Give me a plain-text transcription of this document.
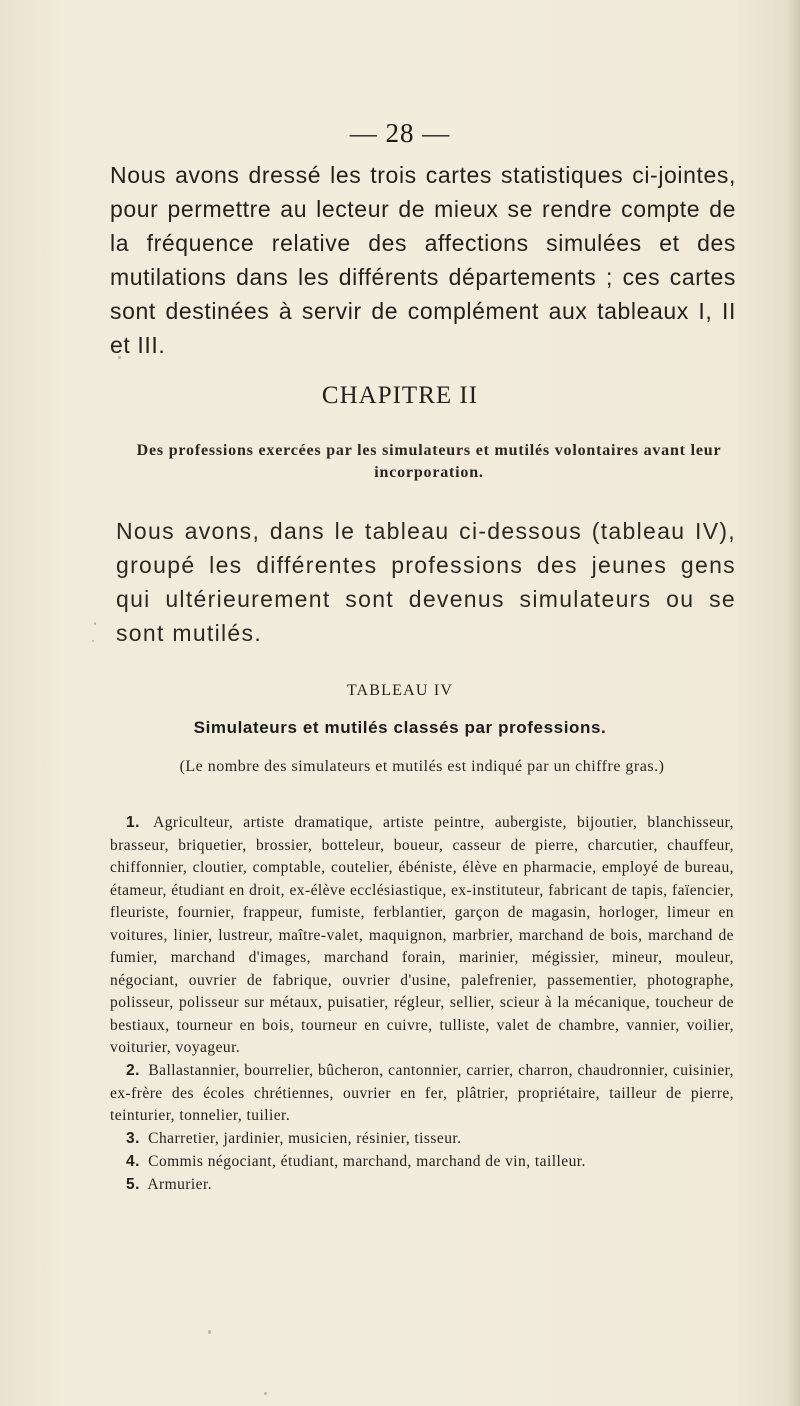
— 28 —
Nous avons dressé les trois cartes statistiques ci-jointes, pour permettre au lecteur de mieux se rendre compte de la fréquence relative des affections simulées et des mutilations dans les différents départements ; ces cartes sont destinées à servir de complément aux tableaux I, II et III.
CHAPITRE II
Des professions exercées par les simulateurs et mutilés volontaires avant leur incorporation.
Nous avons, dans le tableau ci-dessous (tableau IV), groupé les différentes professions des jeunes gens qui ultérieurement sont devenus simulateurs ou se sont mutilés.
TABLEAU IV
Simulateurs et mutilés classés par professions.
(Le nombre des simulateurs et mutilés est indiqué par un chiffre gras.)

1. Agriculteur, artiste dramatique, artiste peintre, aubergiste, bijoutier, blanchisseur, brasseur, briquetier, brossier, botteleur, boueur, casseur de pierre, charcutier, chauffeur, chiffonnier, cloutier, comptable, coutelier, ébéniste, élève en pharmacie, employé de bureau, étameur, étudiant en droit, ex-élève ecclésiastique, ex-instituteur, fabricant de tapis, faïencier, fleuriste, fournier, frappeur, fumiste, ferblantier, garçon de magasin, horloger, limeur en voitures, linier, lustreur, maître-valet, maquignon, marbrier, marchand de bois, marchand de fumier, marchand d'images, marchand forain, marinier, mégissier, mineur, mouleur, négociant, ouvrier de fabrique, ouvrier d'usine, palefrenier, passementier, photographe, polisseur, polisseur sur métaux, puisatier, régleur, sellier, scieur à la mécanique, toucheur de bestiaux, tourneur en bois, tourneur en cuivre, tulliste, valet de chambre, vannier, voilier, voiturier, voyageur.

2. Ballastannier, bourrelier, bûcheron, cantonnier, carrier, charron, chaudronnier, cuisinier, ex-frère des écoles chrétiennes, ouvrier en fer, plâtrier, propriétaire, tailleur de pierre, teinturier, tonnelier, tuilier.

3. Charretier, jardinier, musicien, résinier, tisseur.

4. Commis négociant, étudiant, marchand, marchand de vin, tailleur.

5. Armurier.
